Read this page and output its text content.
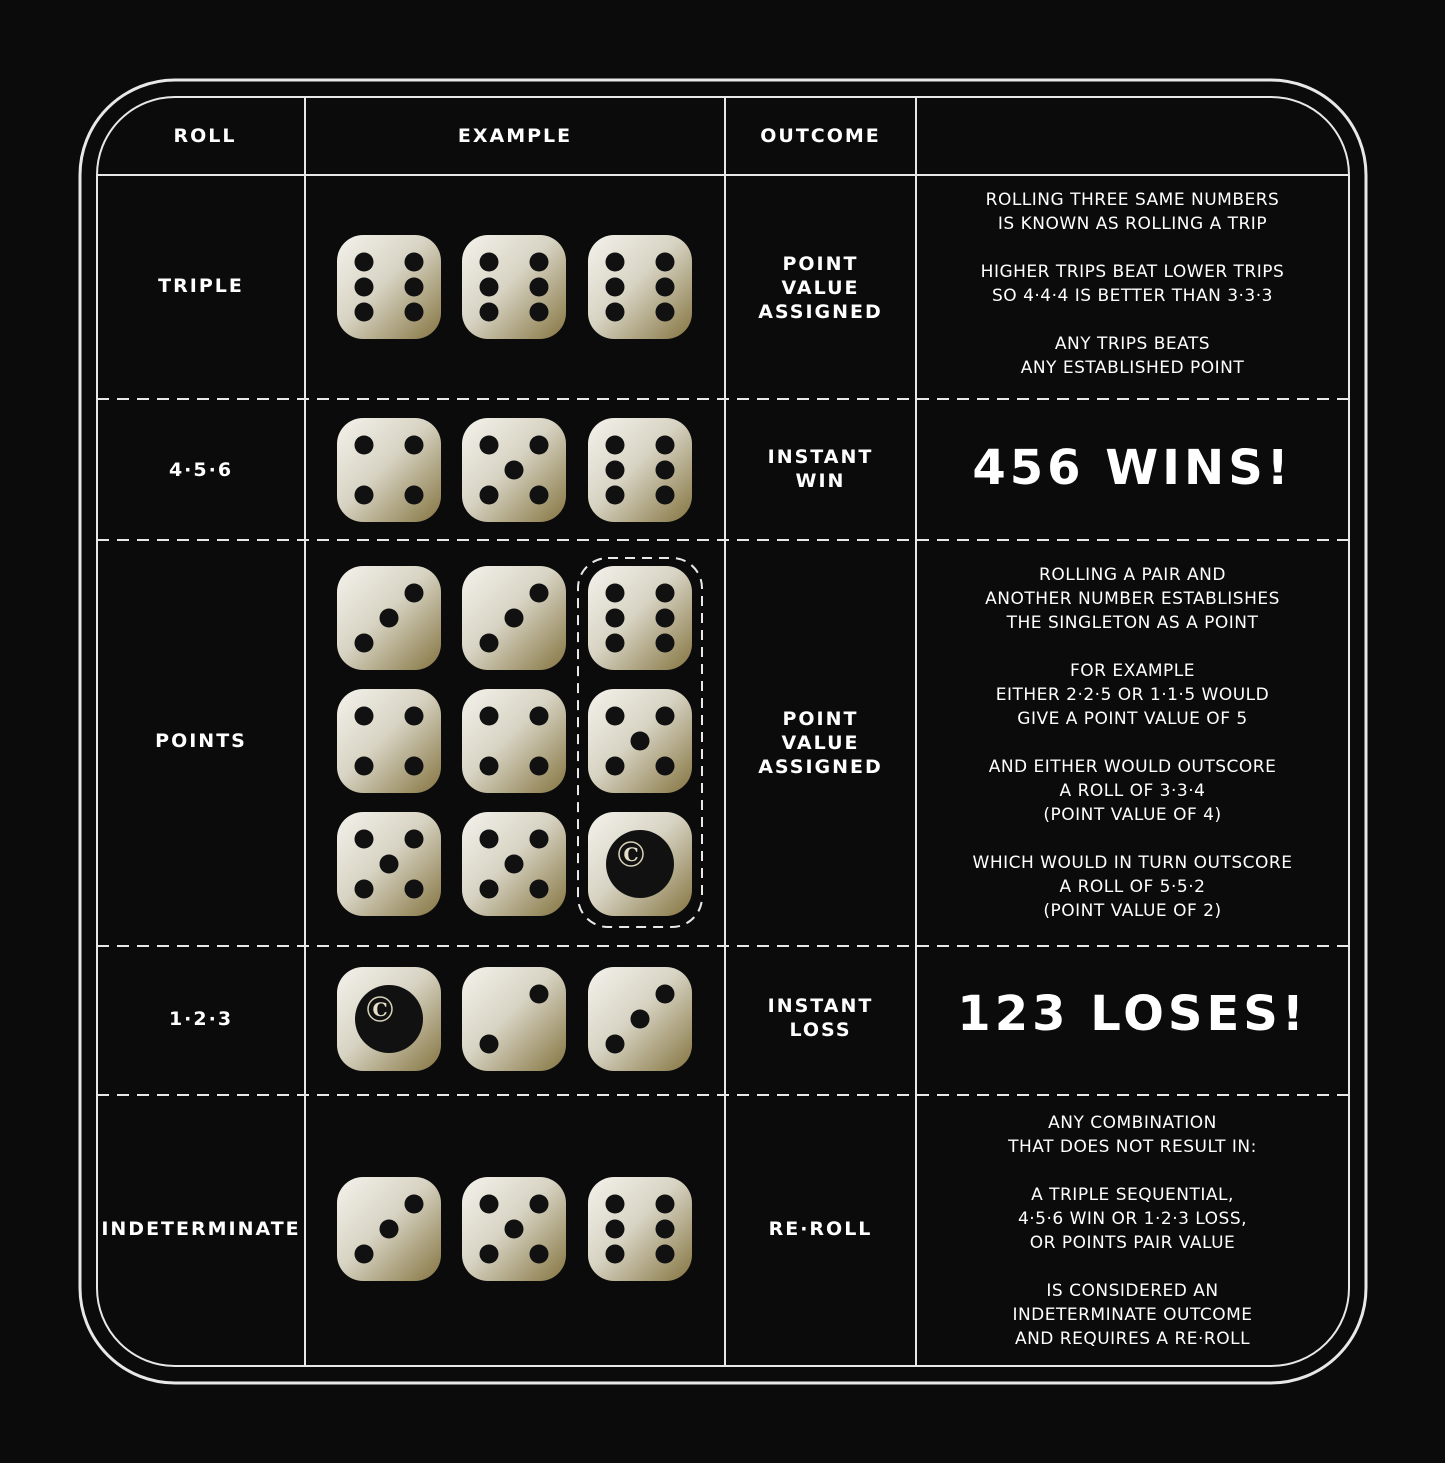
C
C
ROLL	EXAMPLE	OUTCOME
TRIPLE
4·5·6
POINTS
1·2·3
INDETERMINATE
POINT
VALUE
ASSIGNED
INSTANT
WIN
POINT
VALUE
ASSIGNED
INSTANT
LOSS
RE·ROLL
ROLLING THREE SAME NUMBERS
IS KNOWN AS ROLLING A TRIP
HIGHER TRIPS BEAT LOWER TRIPS
SO 4·4·4 IS BETTER THAN 3·3·3
ANY TRIPS BEATS
ANY ESTABLISHED POINT
456 WINS!
ROLLING A PAIR AND
ANOTHER NUMBER ESTABLISHES
THE SINGLETON AS A POINT
FOR EXAMPLE
EITHER 2·2·5 OR 1·1·5 WOULD
GIVE A POINT VALUE OF 5
AND EITHER WOULD OUTSCORE
A ROLL OF 3·3·4
(POINT VALUE OF 4)
WHICH WOULD IN TURN OUTSCORE
A ROLL OF 5·5·2
(POINT VALUE OF 2)
123 LOSES!
ANY COMBINATION
THAT DOES NOT RESULT IN:
A TRIPLE SEQUENTIAL,
4·5·6 WIN OR 1·2·3 LOSS,
OR POINTS PAIR VALUE
IS CONSIDERED AN
INDETERMINATE OUTCOME
AND REQUIRES A RE·ROLL
